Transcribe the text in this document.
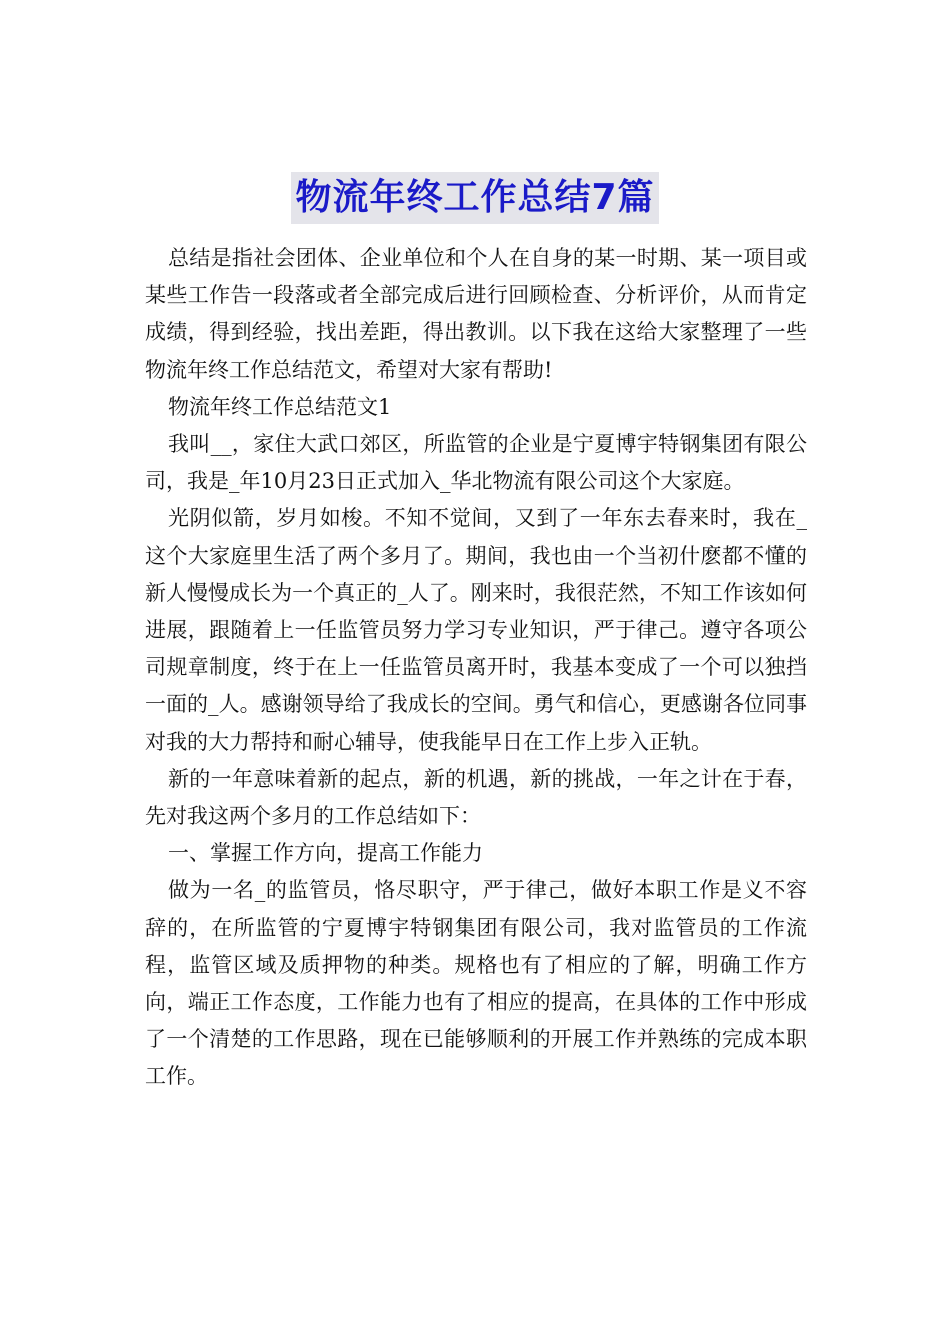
物流年终工作总结7篇

总结是指社会团体、企业单位和个人在自身的某一时期、某一项目或某些工作告一段落或者全部完成后进行回顾检查、分析评价，从而肯定成绩，得到经验，找出差距，得出教训。以下我在这给大家整理了一些物流年终工作总结范文，希望对大家有帮助!

物流年终工作总结范文1

我叫__，家住大武口郊区，所监管的企业是宁夏博宇特钢集团有限公司，我是_年10月23日正式加入_华北物流有限公司这个大家庭。

光阴似箭，岁月如梭。不知不觉间，又到了一年东去春来时，我在_这个大家庭里生活了两个多月了。期间，我也由一个当初什麽都不懂的新人慢慢成长为一个真正的_人了。刚来时，我很茫然，不知工作该如何进展，跟随着上一任监管员努力学习专业知识，严于律己。遵守各项公司规章制度，终于在上一任监管员离开时，我基本变成了一个可以独挡一面的_人。感谢领导给了我成长的空间。勇气和信心，更感谢各位同事对我的大力帮持和耐心辅导，使我能早日在工作上步入正轨。

新的一年意味着新的起点，新的机遇，新的挑战，一年之计在于春，先对我这两个多月的工作总结如下：

一、掌握工作方向，提高工作能力

做为一名_的监管员，恪尽职守，严于律己，做好本职工作是义不容辞的，在所监管的宁夏博宇特钢集团有限公司，我对监管员的工作流程，监管区域及质押物的种类。规格也有了相应的了解，明确工作方向，端正工作态度，工作能力也有了相应的提高，在具体的工作中形成了一个清楚的工作思路，现在已能够顺利的开展工作并熟练的完成本职工作。
